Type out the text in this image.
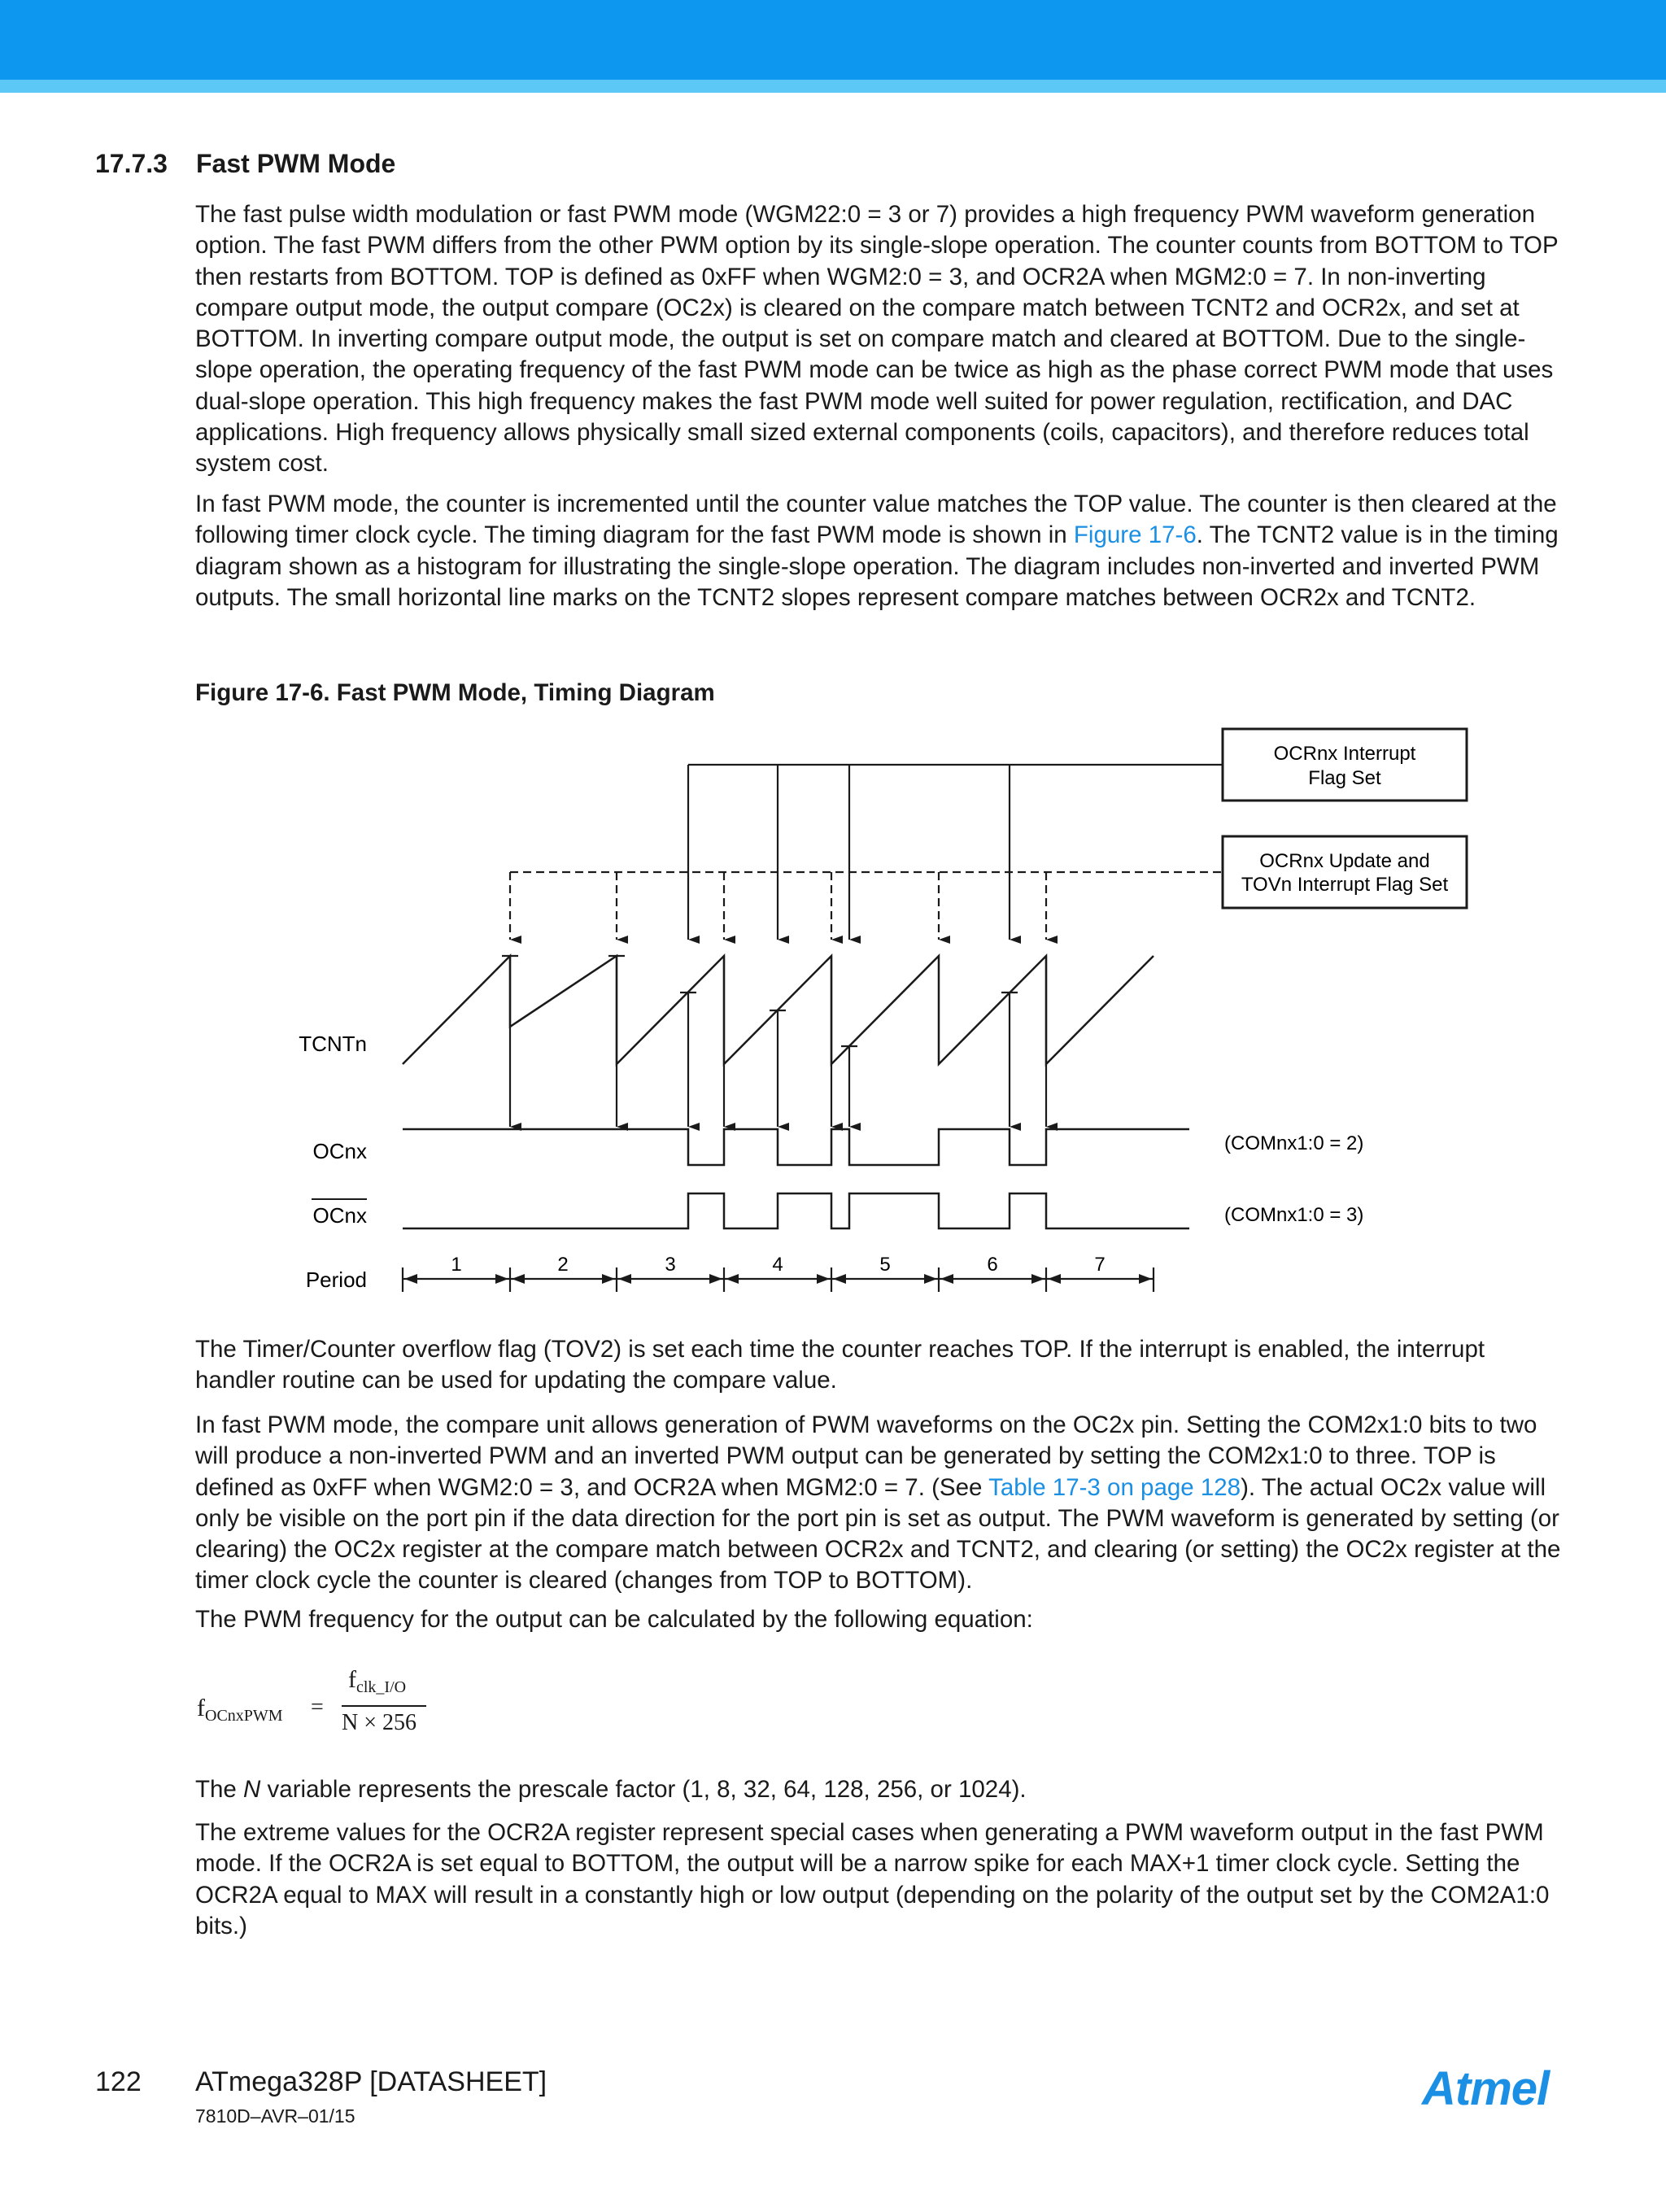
17.7.3 Fast PWM Mode

The fast pulse width modulation or fast PWM mode (WGM22:0 = 3 or 7) provides a high frequency PWM waveform generation option. The fast PWM differs from the other PWM option by its single-slope operation. The counter counts from BOTTOM to TOP then restarts from BOTTOM. TOP is defined as 0xFF when WGM2:0 = 3, and OCR2A when MGM2:0 = 7. In non-inverting compare output mode, the output compare (OC2x) is cleared on the compare match between TCNT2 and OCR2x, and set at BOTTOM. In inverting compare output mode, the output is set on compare match and cleared at BOTTOM. Due to the single-slope operation, the operating frequency of the fast PWM mode can be twice as high as the phase correct PWM mode that uses dual-slope operation. This high frequency makes the fast PWM mode well suited for power regulation, rectification, and DAC applications. High frequency allows physically small sized external components (coils, capacitors), and therefore reduces total system cost.

In fast PWM mode, the counter is incremented until the counter value matches the TOP value. The counter is then cleared at the following timer clock cycle. The timing diagram for the fast PWM mode is shown in Figure 17-6. The TCNT2 value is in the timing diagram shown as a histogram for illustrating the single-slope operation. The diagram includes non-inverted and inverted PWM outputs. The small horizontal line marks on the TCNT2 slopes represent compare matches between OCR2x and TCNT2.

Figure 17-6. Fast PWM Mode, Timing Diagram
OCRnx Interrupt
Flag Set
OCRnx Update and
TOVn Interrupt Flag Set
TCNTn
OCnx
OCnx
Period
(COMnx1:0 = 2)
(COMnx1:0 = 3)
1	2	3	4	5	6	7

The Timer/Counter overflow flag (TOV2) is set each time the counter reaches TOP. If the interrupt is enabled, the interrupt handler routine can be used for updating the compare value.

In fast PWM mode, the compare unit allows generation of PWM waveforms on the OC2x pin. Setting the COM2x1:0 bits to two will produce a non-inverted PWM and an inverted PWM output can be generated by setting the COM2x1:0 to three. TOP is defined as 0xFF when WGM2:0 = 3, and OCR2A when MGM2:0 = 7. (See Table 17-3 on page 128). The actual OC2x value will only be visible on the port pin if the data direction for the port pin is set as output. The PWM waveform is generated by setting (or clearing) the OC2x register at the compare match between OCR2x and TCNT2, and clearing (or setting) the OC2x register at the timer clock cycle the counter is cleared (changes from TOP to BOTTOM).

The PWM frequency for the output can be calculated by the following equation:

$f_{OCnxPWM}$ =
$f_{clk\_I/O}$
N × 256

The N variable represents the prescale factor (1, 8, 32, 64, 128, 256, or 1024).

The extreme values for the OCR2A register represent special cases when generating a PWM waveform output in the fast PWM mode. If the OCR2A is set equal to BOTTOM, the output will be a narrow spike for each MAX+1 timer clock cycle. Setting the OCR2A equal to MAX will result in a constantly high or low output (depending on the polarity of the output set by the COM2A1:0 bits.)

122 ATmega328P [DATASHEET]
7810D–AVR–01/15
Atmel
